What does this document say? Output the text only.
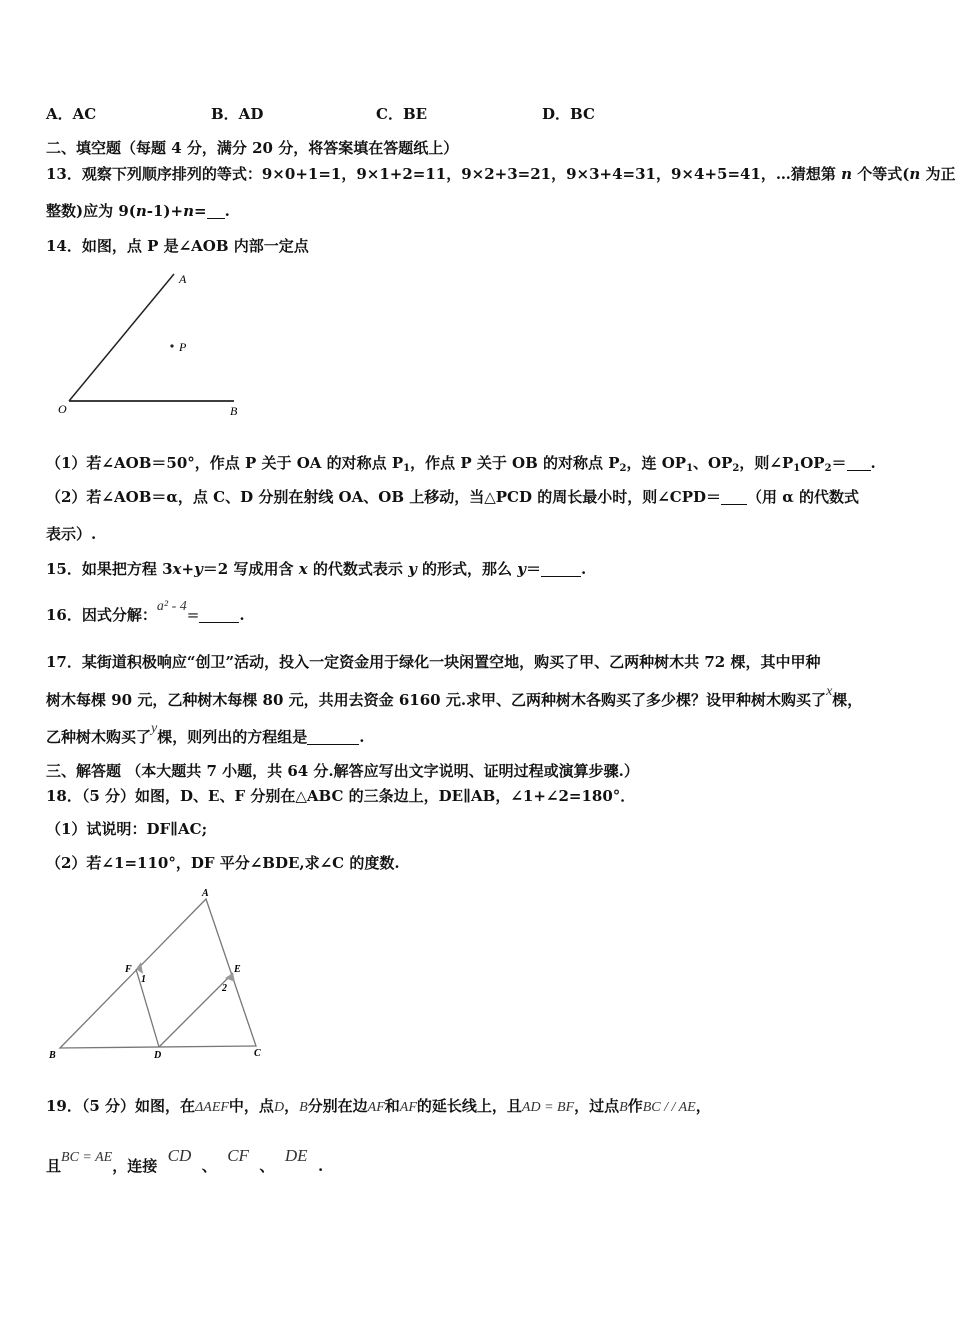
A．AC	B．AD	C．BE	D．BC
二、填空题（每题 4 分，满分 20 分，将答案填在答题纸上）
13．观察下列顺序排列的等式：9×0+1=1，9×1+2=11，9×2+3=21，9×3+4=31，9×4+5=41，…猜想第 n 个等式(n 为正
整数)应为 9(n-1)+n= .
14．如图，点 P 是∠AOB 内部一定点
A
P
O	B
（1）若∠AOB＝50°，作点 P 关于 OA 的对称点 $P_1$，作点 P 关于 OB 的对称点 $P_2$，连 $OP_1$、$OP_2$，则$\angle P_1OP_2=$ .
（2）若∠AOB＝α，点 C、D 分别在射线 OA、OB 上移动，当△PCD 的周长最小时，则∠CPD＝ （用 α 的代数式
表示）.
15．如果把方程 3x+y＝2 写成用含 x 的代数式表示 y 的形式，那么 y＝	.
16．因式分解：a² - 4=	.
17．某街道积极响应“创卫”活动，投入一定资金用于绿化一块闲置空地，购买了甲、乙两种树木共 72 棵，其中甲种
树木每棵 90 元，乙种树木每棵 80 元，共用去资金 6160 元.求甲、乙两种树木各购买了多少棵？设甲种树木购买了x棵，
乙种树木购买了y棵，则列出的方程组是	.
三、解答题 （本大题共 7 小题，共 64 分.解答应写出文字说明、证明过程或演算步骤.）
18．（5 分）如图，D、E、F 分别在△ABC 的三条边上，DE∥AB，∠1+∠2=180°．
（1）试说明：DF∥AC;
（2）若∠1=110°，DF 平分∠BDE,求∠C 的度数.
A
B	C
D
E
F
1
2
19．（5 分）如图，在ΔAEF中，点D，B分别在边AF和AF的延长线上，且AD = BF，过点B作BC / / AE，
且BC = AE，连接  CD  、  CF  、  DE  .
